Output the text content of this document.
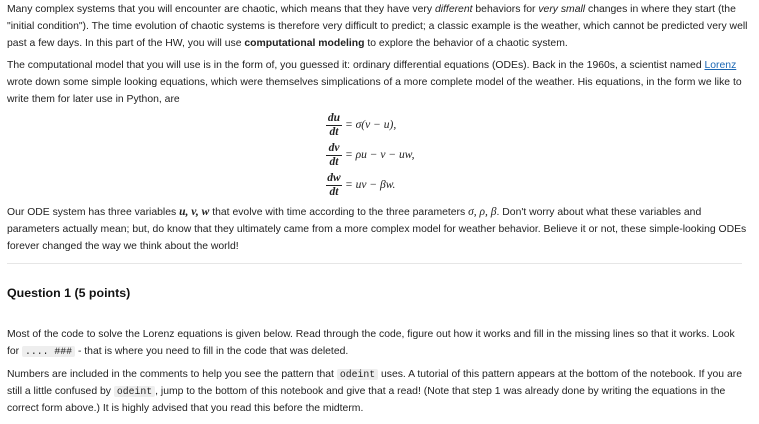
Many complex systems that you will encounter are chaotic, which means that they have very different behaviors for very small changes in where they start (the "initial condition"). The time evolution of chaotic systems is therefore very difficult to predict; a classic example is the weather, which cannot be predicted very well past a few days. In this part of the HW, you will use computational modeling to explore the behavior of a chaotic system.

The computational model that you will use is in the form of, you guessed it: ordinary differential equations (ODEs). Back in the 1960s, a scientist named Lorenz wrote down some simple looking equations, which were themselves simplications of a more complete model of the weather. His equations, in the form we like to write them for later use in Python, are

$\frac{du}{dt} = \sigma(v - u)$,
$\frac{dv}{dt} = \rho u - v$ − uw,
$\frac{dw}{dt}$ = uv − βw.

Our ODE system has three variables u, v, w that evolve with time according to the three parameters σ, ρ, β. Don't worry about what these variables and parameters actually mean; but, do know that they ultimately came from a more complex model for weather behavior. Believe it or not, these simple-looking ODEs forever changed the way we think about the world!

Question 1 (5 points)

Most of the code to solve the Lorenz equations is given below. Read through the code, figure out how it works and fill in the missing lines so that it works. Look for .... ### - that is where you need to fill in the code that was deleted.

Numbers are included in the comments to help you see the pattern that odeint uses. A tutorial of this pattern appears at the bottom of the notebook. If you are still a little confused by odeint , jump to the bottom of this notebook and give that a read! (Note that step 1 was already done by writing the equations in the correct form above.) It is highly advised that you read this before the midterm.
